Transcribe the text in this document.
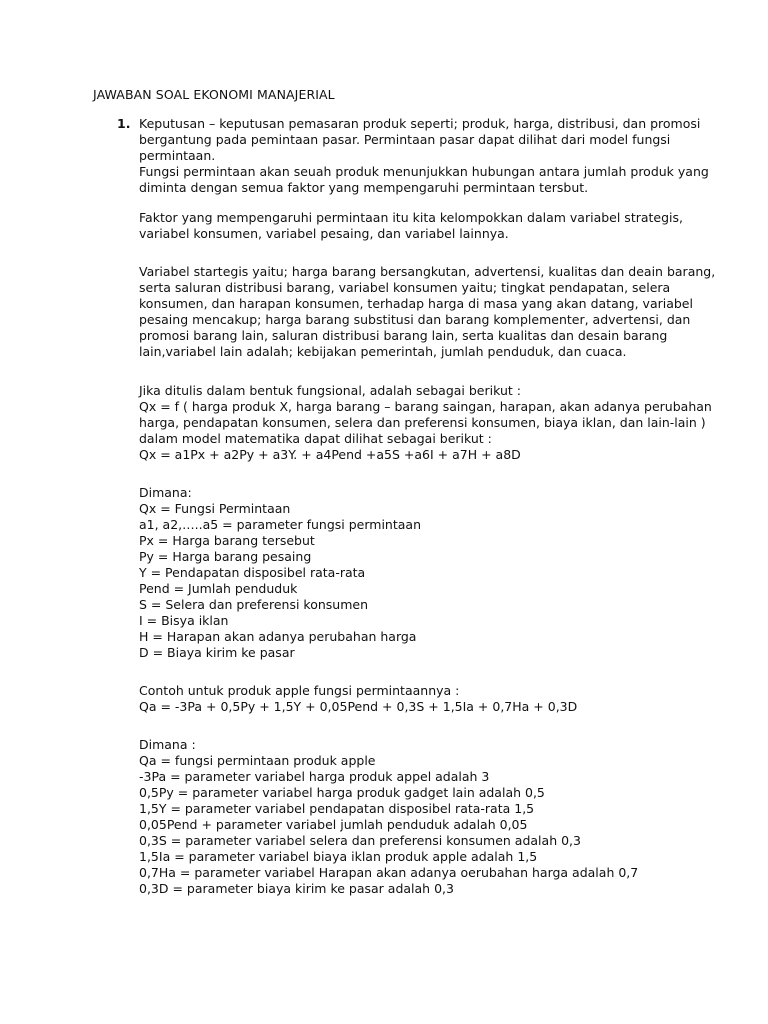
JAWABAN SOAL EKONOMI MANAJERIAL
1. Keputusan – keputusan pemasaran produk seperti; produk, harga, distribusi, dan promosi
bergantung pada pemintaan pasar. Permintaan pasar dapat dilihat dari model fungsi
permintaan.
Fungsi permintaan akan seuah produk menunjukkan hubungan antara jumlah produk yang
diminta dengan semua faktor yang mempengaruhi permintaan tersbut.
Faktor yang mempengaruhi permintaan itu kita kelompokkan dalam variabel strategis,
variabel konsumen, variabel pesaing, dan variabel lainnya.
Variabel startegis yaitu; harga barang bersangkutan, advertensi, kualitas dan deain barang,
serta saluran distribusi barang, variabel konsumen yaitu; tingkat pendapatan, selera
konsumen, dan harapan konsumen, terhadap harga di masa yang akan datang, variabel
pesaing mencakup; harga barang substitusi dan barang komplementer, advertensi, dan
promosi barang lain, saluran distribusi barang lain, serta kualitas dan desain barang
lain,variabel lain adalah; kebijakan pemerintah, jumlah penduduk, dan cuaca.
Jika ditulis dalam bentuk fungsional, adalah sebagai berikut :
Qx = f ( harga produk X, harga barang – barang saingan, harapan, akan adanya perubahan
harga, pendapatan konsumen, selera dan preferensi konsumen, biaya iklan, dan lain-lain )
dalam model matematika dapat dilihat sebagai berikut :
Qx = a1Px + a2Py + a3Y. + a4Pend +a5S +a6I + a7H + a8D
Dimana:
Qx = Fungsi Permintaan
a1, a2,…..a5 = parameter fungsi permintaan
Px = Harga barang tersebut
Py = Harga barang pesaing
Y = Pendapatan disposibel rata-rata
Pend = Jumlah penduduk
S = Selera dan preferensi konsumen
I = Bisya iklan
H = Harapan akan adanya perubahan harga
D = Biaya kirim ke pasar
Contoh untuk produk apple fungsi permintaannya :
Qa = -3Pa + 0,5Py + 1,5Y + 0,05Pend + 0,3S + 1,5Ia + 0,7Ha + 0,3D
Dimana :
Qa = fungsi permintaan produk apple
-3Pa = parameter variabel harga produk appel adalah 3
0,5Py = parameter variabel harga produk gadget lain adalah 0,5
1,5Y = parameter variabel pendapatan disposibel rata-rata 1,5
0,05Pend + parameter variabel jumlah penduduk adalah 0,05
0,3S = parameter variabel selera dan preferensi konsumen adalah 0,3
1,5Ia = parameter variabel biaya iklan produk apple adalah 1,5
0,7Ha = parameter variabel Harapan akan adanya oerubahan harga adalah 0,7
0,3D = parameter biaya kirim ke pasar adalah 0,3
